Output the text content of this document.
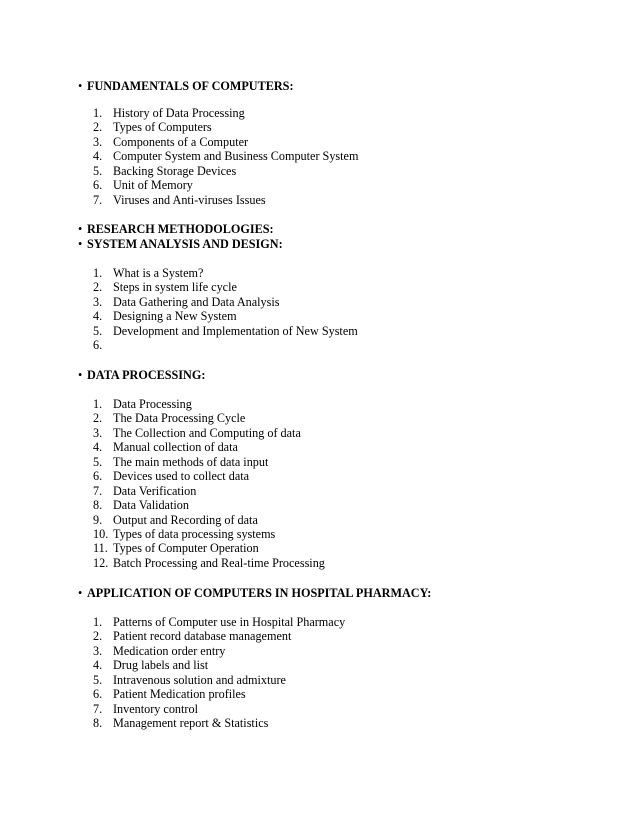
• FUNDAMENTALS OF COMPUTERS:
1. History of Data Processing
2. Types of Computers
3. Components of a Computer
4. Computer System and Business Computer System
5. Backing Storage Devices
6. Unit of Memory
7. Viruses and Anti-viruses Issues
• RESEARCH METHODOLOGIES:
• SYSTEM ANALYSIS AND DESIGN:
1. What is a System?
2. Steps in system life cycle
3. Data Gathering and Data Analysis
4. Designing a New System
5. Development and Implementation of New System
6.
• DATA PROCESSING:
1. Data Processing
2. The Data Processing Cycle
3. The Collection and Computing of data
4. Manual collection of data
5. The main methods of data input
6. Devices used to collect data
7. Data Verification
8. Data Validation
9. Output and Recording of data
10. Types of data processing systems
11. Types of Computer Operation
12. Batch Processing and Real-time Processing
• APPLICATION OF COMPUTERS IN HOSPITAL PHARMACY:
1. Patterns of Computer use in Hospital Pharmacy
2. Patient record database management
3. Medication order entry
4. Drug labels and list
5. Intravenous solution and admixture
6. Patient Medication profiles
7. Inventory control
8. Management report & Statistics
